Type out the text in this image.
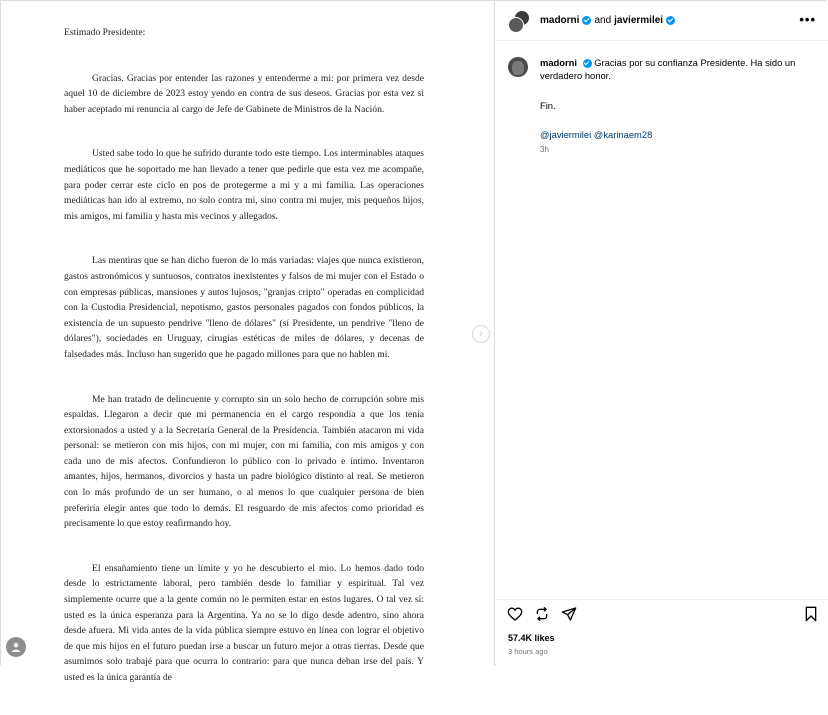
Estimado Presidente:

Gracias. Gracias por entender las razones y entenderme a mi: por primera vez desde aquel 10 de diciembre de 2023 estoy yendo en contra de sus deseos. Gracias por esta vez si haber aceptado mi renuncia al cargo de Jefe de Gabinete de Ministros de la Nación.

Usted sabe todo lo que he sufrido durante todo este tiempo. Los interminables ataques mediáticos que he soportado me han llevado a tener que pedirle que esta vez me acompañe, para poder cerrar este ciclo en pos de protegerme a mi y a mi familia. Las operaciones mediáticas han ido al extremo, no solo contra mi, sino contra mi mujer, mis pequeños hijos, mis amigos, mi familia y hasta mis vecinos y allegados.

Las mentiras que se han dicho fueron de lo más variadas: viajes que nunca existieron, gastos astronómicos y suntuosos, contratos inexistentes y falsos de mi mujer con el Estado o con empresas públicas, mansiones y autos lujosos, "granjas cripto" operadas en complicidad con la Custodia Presidencial, nepotismo, gastos personales pagados con fondos públicos, la existencia de un supuesto pendrive "lleno de dólares" (sí Presidente, un pendrive "lleno de dólares"), sociedades en Uruguay, cirugías estéticas de miles de dólares, y decenas de falsedades más. Incluso han sugerido que he pagado millones para que no hablen mi.

Me han tratado de delincuente y corrupto sin un solo hecho de corrupción sobre mis espaldas. Llegaron a decir que mi permanencia en el cargo respondía a que los tenía extorsionados a usted y a la Secretaria General de la Presidencia. También atacaron mi vida personal: se metieron con mis hijos, con mi mujer, con mi familia, con mis amigos y con cada uno de mis afectos. Confundieron lo público con lo privado e íntimo. Inventaron amantes, hijos, hermanos, divorcios y hasta un padre biológico distinto al real. Se metieron con lo más profundo de un ser humano, o al menos lo que cualquier persona de bien preferiría elegir antes que todo lo demás. El resguardo de mis afectos como prioridad es precisamente lo que estoy reafirmando hoy.

El ensañamiento tiene un límite y yo he descubierto el mio. Lo hemos dado todo desde lo estrictamente laboral, pero también desde lo familiar y espiritual. Tal vez simplemente ocurre que a la gente común no le permiten estar en estos lugares. O tal vez sí: usted es la única esperanza para la Argentina. Ya no se lo digo desde adentro, sino ahora desde afuera. Mi vida antes de la vida pública siempre estuvo en línea con lograr el objetivo de que mis hijos en el futuro puedan irse a buscar un futuro mejor a otras tierras. Desde que asumimos solo trabajé para que ocurra lo contrario: para que nunca deban irse del país. Y usted es la única garantía de

›
madorni and javiermilei	•••

madorni Gracias por su confianza Presidente. Ha sido un verdadero honor.

Fin.

@javiermilei @karinaem28

3h

57.4K likes
3 hours ago
